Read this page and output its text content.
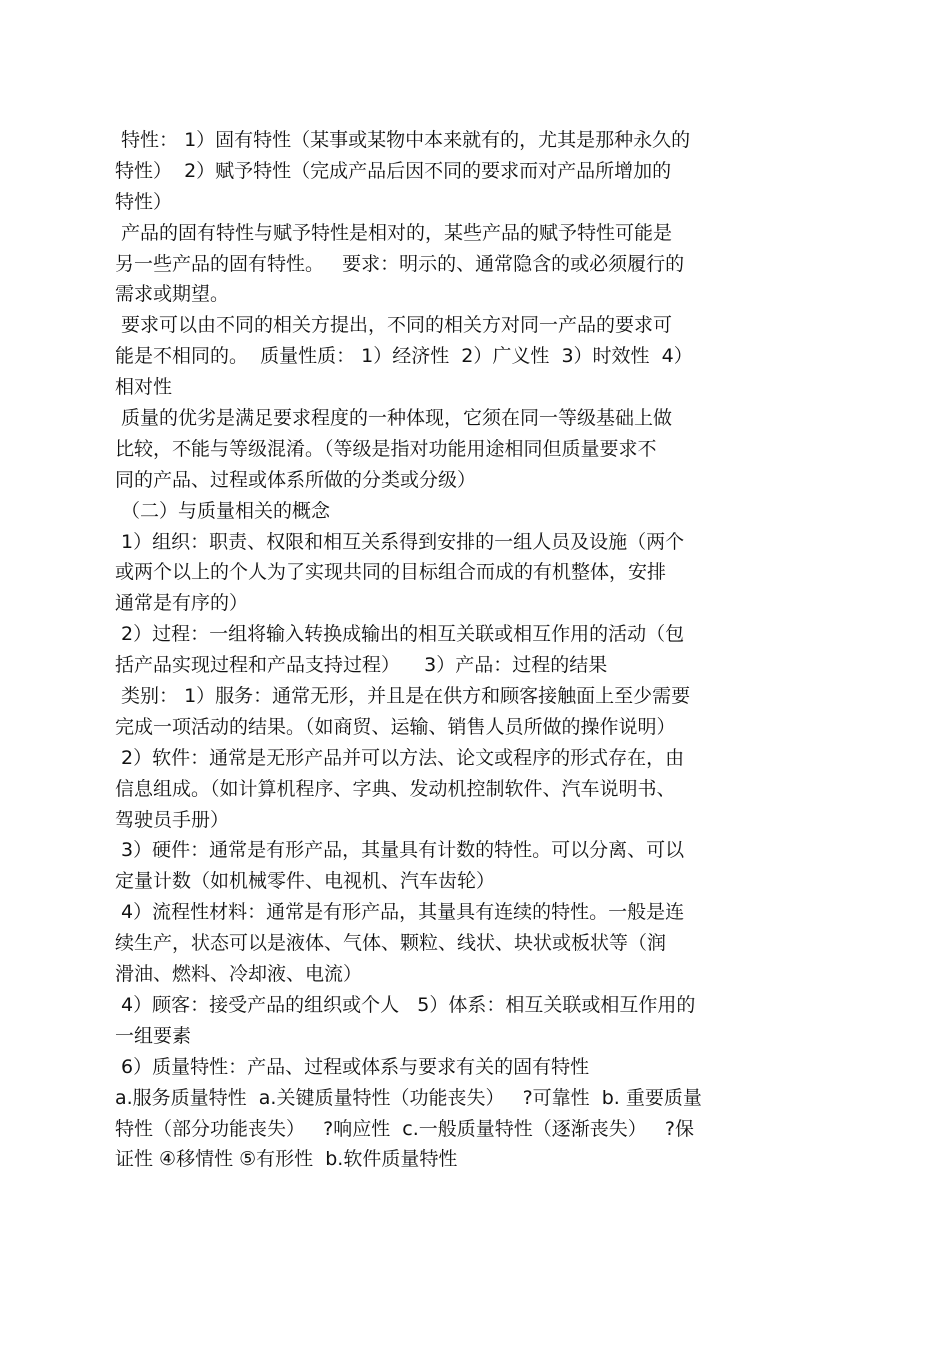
特性： 1）固有特性（某事或某物中本来就有的，尤其是那种永久的
特性）  2）赋予特性（完成产品后因不同的要求而对产品所增加的
特性）
产品的固有特性与赋予特性是相对的，某些产品的赋予特性可能是
另一些产品的固有特性。   要求：明示的、通常隐含的或必须履行的
需求或期望。
要求可以由不同的相关方提出，不同的相关方对同一产品的要求可
能是不相同的。  质量性质： 1）经济性  2）广义性  3）时效性  4）
相对性
质量的优劣是满足要求程度的一种体现，它须在同一等级基础上做
比较，不能与等级混淆。（等级是指对功能用途相同但质量要求不
同的产品、过程或体系所做的分类或分级）
（二）与质量相关的概念
1）组织：职责、权限和相互关系得到安排的一组人员及设施（两个
或两个以上的个人为了实现共同的目标组合而成的有机整体，安排
通常是有序的）
2）过程：一组将输入转换成输出的相互关联或相互作用的活动（包
括产品实现过程和产品支持过程）    3）产品：过程的结果
类别： 1）服务：通常无形，并且是在供方和顾客接触面上至少需要
完成一项活动的结果。（如商贸、运输、销售人员所做的操作说明）
2）软件：通常是无形产品并可以方法、论文或程序的形式存在，由
信息组成。（如计算机程序、字典、发动机控制软件、汽车说明书、
驾驶员手册）
3）硬件：通常是有形产品，其量具有计数的特性。可以分离、可以
定量计数（如机械零件、电视机、汽车齿轮）
4）流程性材料：通常是有形产品，其量具有连续的特性。一般是连
续生产，状态可以是液体、气体、颗粒、线状、块状或板状等（润
滑油、燃料、冷却液、电流）
4）顾客：接受产品的组织或个人   5）体系：相互关联或相互作用的
一组要素
6）质量特性：产品、过程或体系与要求有关的固有特性
a.服务质量特性  a.关键质量特性（功能丧失）   ?可靠性  b. 重要质量
特性（部分功能丧失）   ?响应性  c.一般质量特性（逐渐丧失）   ?保
证性 ④移情性 ⑤有形性  b.软件质量特性
